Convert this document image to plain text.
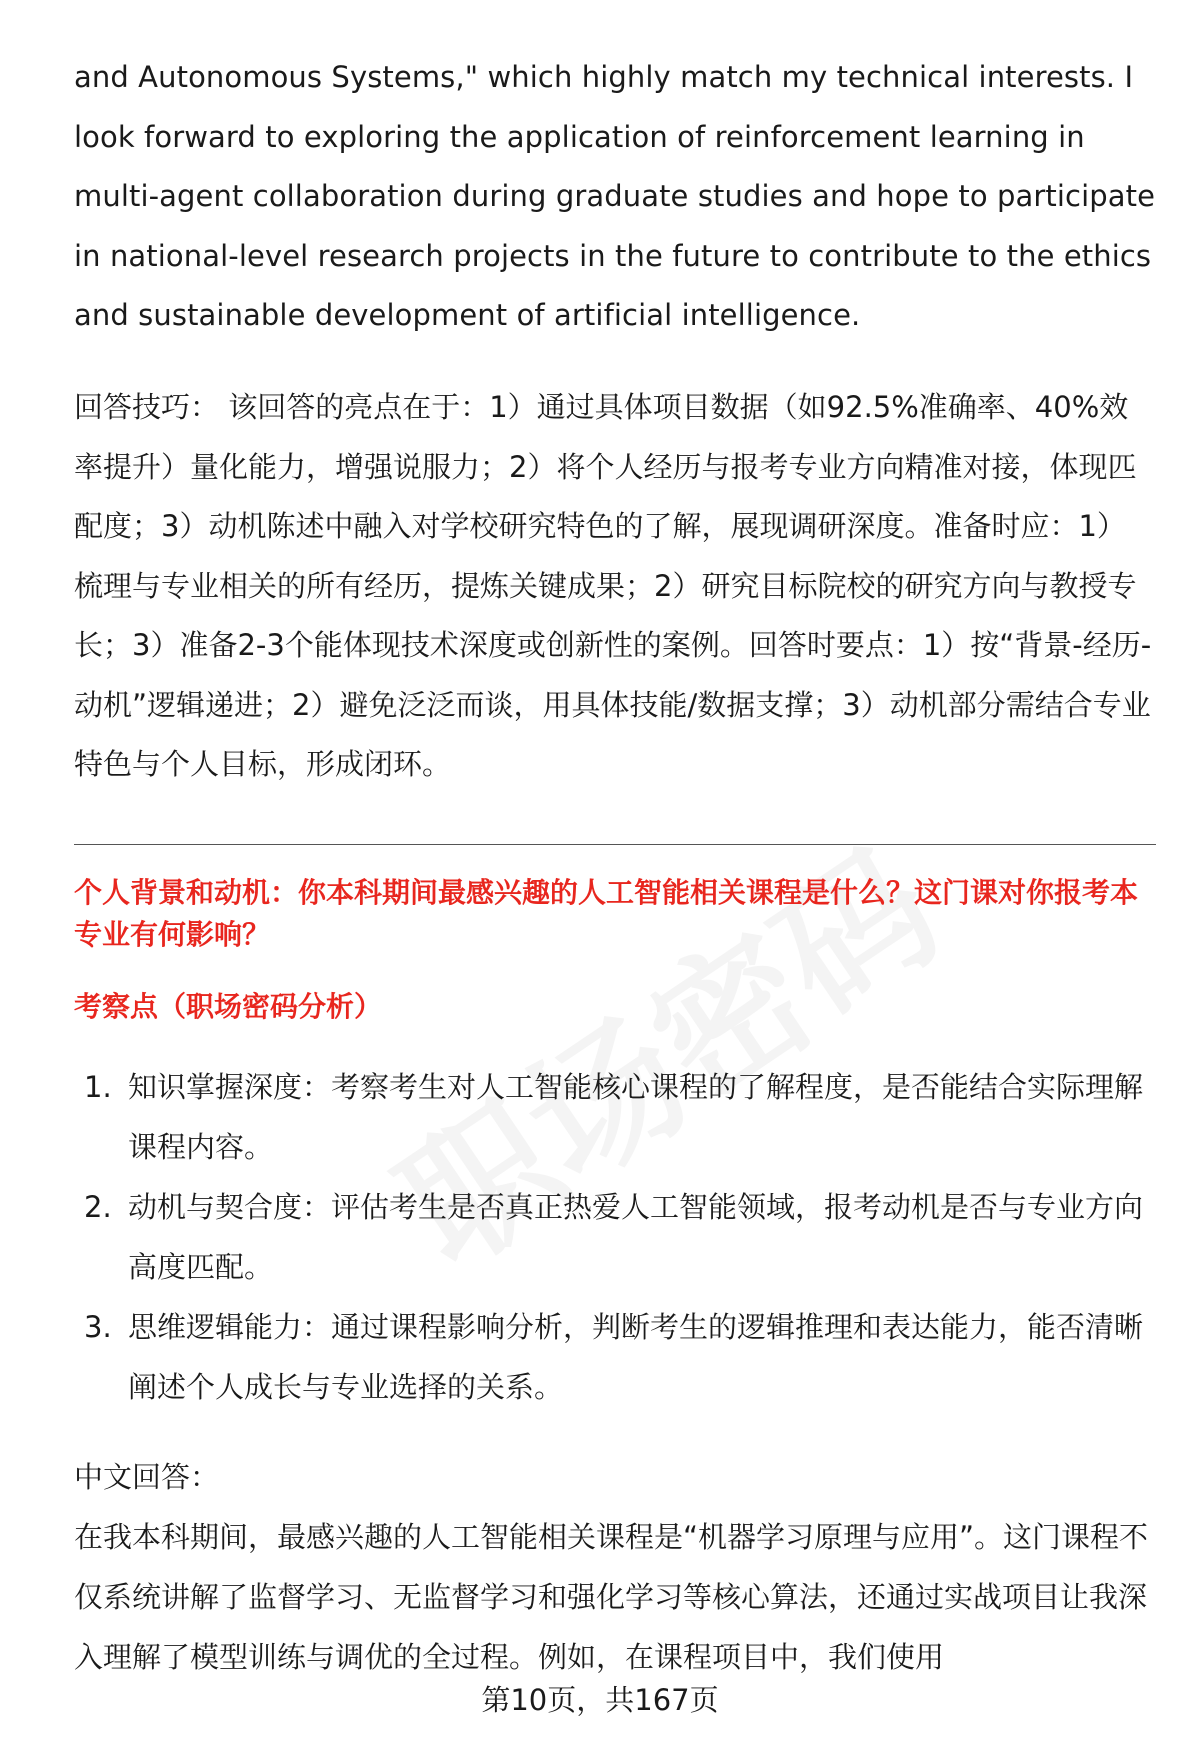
and Autonomous Systems," which highly match my technical interests. I look forward to exploring the application of reinforcement learning in multi-agent collaboration during graduate studies and hope to participate in national-level research projects in the future to contribute to the ethics and sustainable development of artificial intelligence.

回答技巧： 该回答的亮点在于：1）通过具体项目数据（如92.5%准确率、40%效率提升）量化能力，增强说服力；2）将个人经历与报考专业方向精准对接，体现匹配度；3）动机陈述中融入对学校研究特色的了解，展现调研深度。准备时应：1）梳理与专业相关的所有经历，提炼关键成果；2）研究目标院校的研究方向与教授专长；3）准备2-3个能体现技术深度或创新性的案例。回答时要点：1）按“背景-经历-动机”逻辑递进；2）避免泛泛而谈，用具体技能/数据支撑；3）动机部分需结合专业特色与个人目标，形成闭环。

个人背景和动机：你本科期间最感兴趣的人工智能相关课程是什么？这门课对你报考本专业有何影响？

考察点（职场密码分析）

1. 知识掌握深度：考察考生对人工智能核心课程的了解程度，是否能结合实际理解课程内容。
2. 动机与契合度：评估考生是否真正热爱人工智能领域，报考动机是否与专业方向高度匹配。
3. 思维逻辑能力：通过课程影响分析，判断考生的逻辑推理和表达能力，能否清晰阐述个人成长与专业选择的关系。

中文回答：

在我本科期间，最感兴趣的人工智能相关课程是“机器学习原理与应用”。这门课程不仅系统讲解了监督学习、无监督学习和强化学习等核心算法，还通过实战项目让我深入理解了模型训练与调优的全过程。例如，在课程项目中，我们使用

第10页，共167页
